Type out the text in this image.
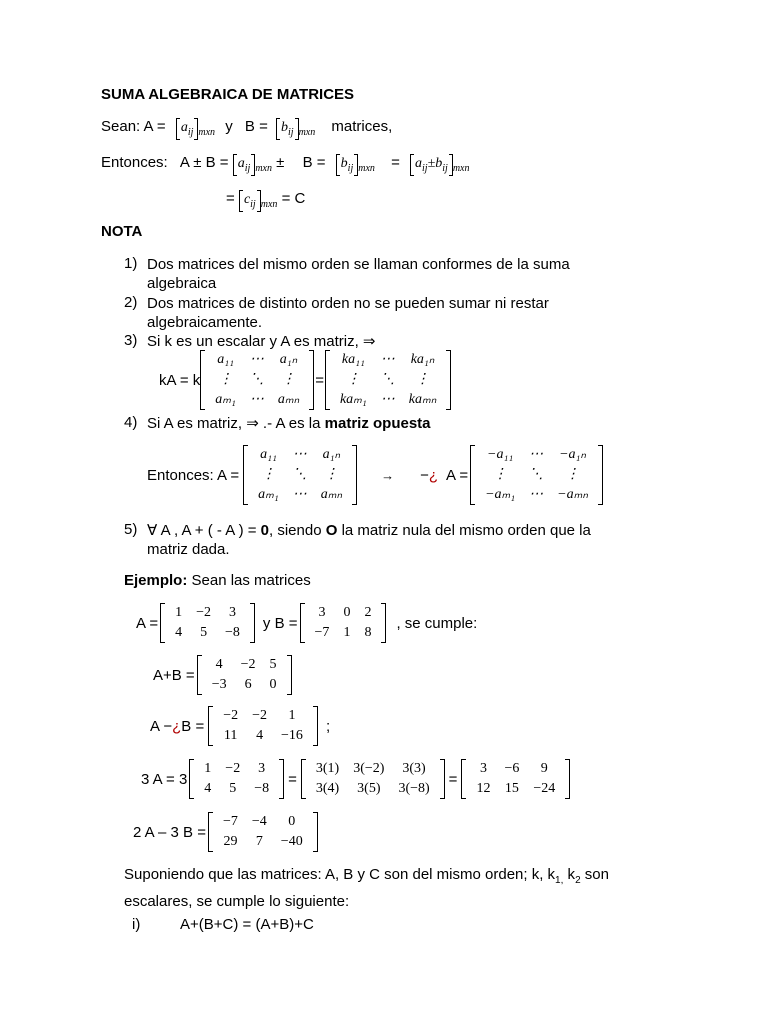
SUMA ALGEBRAICA DE MATRICES
Sean: $A = a_{ij}$ $_{mxn}$ y $B = b_{ij}$ $_{mxn}$ matrices,
Entonces: $A \pm B = a_{ij}$ $_{mxn} \pm B = b_{ij}$ $_{mxn} = a_{ij}\pm b_{ij}$ $_{mxn}$
= $c_{ij}$ $_{mxn}$ = C
NOTA
1) Dos matrices del mismo orden se llaman conformes de la suma
algebraica
2) Dos matrices de distinto orden no se pueden sumar ni restar
algebraicamente.
3) Si k es un escalar y A es matriz, ⇒
kA = k
a₁₁	⋯	a₁ₙ
⋮	⋱	⋮
aₘ₁	⋯	aₘₙ
=
ka₁₁	⋯	ka₁ₙ
⋮	⋱	⋮
kaₘ₁	⋯	kaₘₙ
4) Si A es matriz, ⇒ .- A es la matriz opuesta
Entonces: A =
a₁₁	⋯	a₁ₙ
⋮	⋱	⋮
aₘ₁	⋯	aₘₙ
→ − ¿ A =
−a₁₁	⋯	−a₁ₙ
⋮	⋱	⋮
−aₘ₁	⋯	−aₘₙ
5) ∀ A , A + ( - A ) = 0, siendo O la matriz nula del mismo orden que la
matriz dada.
Ejemplo: Sean las matrices
A =
1	−2	3
4	5	−8
y B =
3	0	2
−7	1	8
, se cumple:
A+B =
4	−2	5
−3	6	0
A − ¿ B =
−2	−2	1
11	4	−16
;
3 A = 3
1	−2	3
4	5	−8
=
3(1)	3(−2)	3(3)
3(4)	3(5)	3(−8)
=
3	−6	9
12	15	−24
2 A – 3 B =
−7	−4	0
29	7	−40
Suponiendo que las matrices: A, B y C son del mismo orden; k, $k_{1,}$ $k_2$ son
escalares, se cumple lo siguiente:
i)	A+(B+C) = (A+B)+C
